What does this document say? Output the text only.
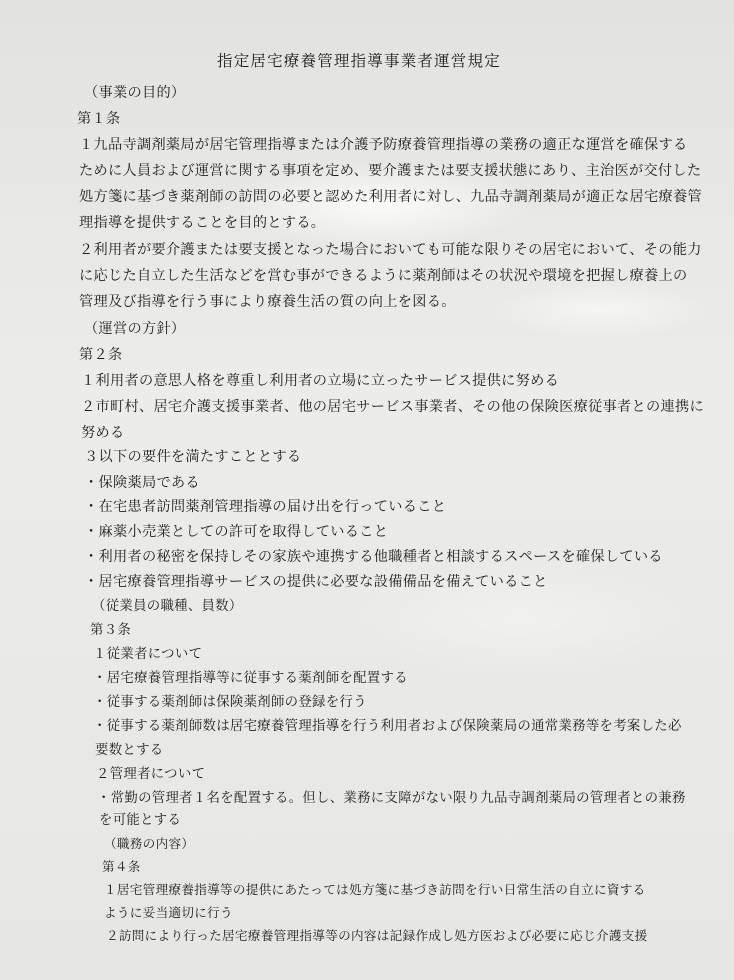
指定居宅療養管理指導事業者運営規定
（事業の目的）
第１条
１九品寺調剤薬局が居宅管理指導または介護予防療養管理指導の業務の適正な運営を確保する
ために人員および運営に関する事項を定め、要介護または要支援状態にあり、主治医が交付した
処方箋に基づき薬剤師の訪問の必要と認めた利用者に対し、九品寺調剤薬局が適正な居宅療養管
理指導を提供することを目的とする。
２利用者が要介護または要支援となった場合においても可能な限りその居宅において、その能力
に応じた自立した生活などを営む事ができるように薬剤師はその状況や環境を把握し療養上の
管理及び指導を行う事により療養生活の質の向上を図る。
（運営の方針）
第２条
１利用者の意思人格を尊重し利用者の立場に立ったサービス提供に努める
２市町村、居宅介護支援事業者、他の居宅サービス事業者、その他の保険医療従事者との連携に
努める
３以下の要件を満たすこととする
・保険薬局である
・在宅患者訪問薬剤管理指導の届け出を行っていること
・麻薬小売業としての許可を取得していること
・利用者の秘密を保持しその家族や連携する他職種者と相談するスペースを確保している
・居宅療養管理指導サービスの提供に必要な設備備品を備えていること
（従業員の職種、員数）
第３条
１従業者について
・居宅療養管理指導等に従事する薬剤師を配置する
・従事する薬剤師は保険薬剤師の登録を行う
・従事する薬剤師数は居宅療養管理指導を行う利用者および保険薬局の通常業務等を考案した必
要数とする
２管理者について
・常勤の管理者１名を配置する。但し、業務に支障がない限り九品寺調剤薬局の管理者との兼務
を可能とする
（職務の内容）
第４条
１居宅管理療養指導等の提供にあたっては処方箋に基づき訪問を行い日常生活の自立に資する
ように妥当適切に行う
２訪問により行った居宅療養管理指導等の内容は記録作成し処方医および必要に応じ介護支援
